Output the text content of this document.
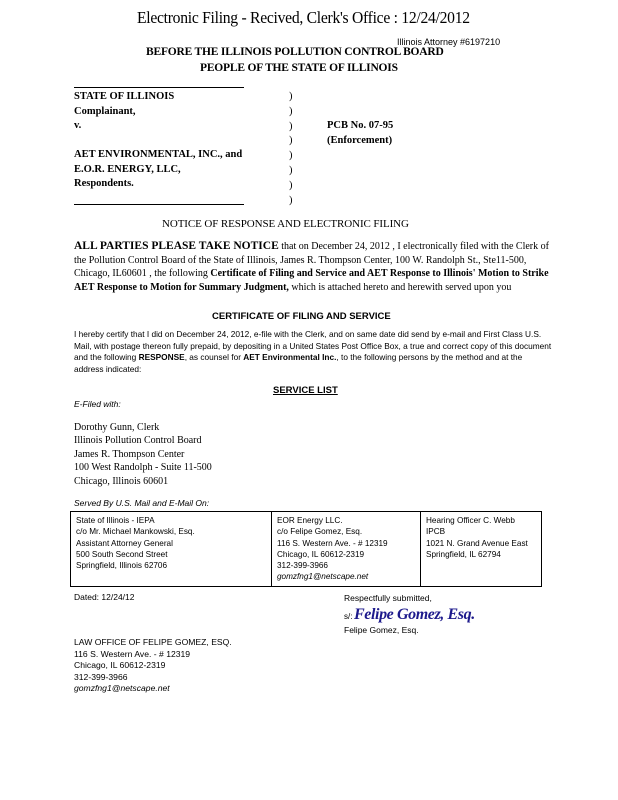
Electronic Filing - Recived, Clerk's Office : 12/24/2012
Illinois Attorney #6197210
BEFORE THE ILLINOIS POLLUTION CONTROL BOARD
PEOPLE OF THE STATE OF ILLINOIS
STATE OF ILLINOIS
Complainant,
v.
AET ENVIRONMENTAL, INC., and
E.O.R. ENERGY, LLC,
Respondents.
)
)
)
)
)
)
)
)
PCB No. 07-95
(Enforcement)
NOTICE OF RESPONSE AND ELECTRONIC FILING
ALL PARTIES PLEASE TAKE NOTICE that on December 24, 2012 , I electronically filed with the Clerk of the Pollution Control Board of the State of Illinois, James R. Thompson Center, 100 W. Randolph St., Ste11-500, Chicago, IL60601 , the following Certificate of Filing and Service and AET Response to Illinois' Motion to Strike AET Response to Motion for Summary Judgment, which is attached hereto and herewith served upon you
CERTIFICATE OF FILING AND SERVICE
I hereby certify that I did on December 24, 2012, e-file with the Clerk, and on same date did send by e-mail and First Class U.S. Mail, with postage thereon fully prepaid, by depositing in a United States Post Office Box, a true and correct copy of this document and the following RESPONSE, as counsel for AET Environmental Inc., to the following persons by the method and at the address indicated:
SERVICE LIST
E-Filed with:
Dorothy Gunn, Clerk
Illinois Pollution Control Board
James R. Thompson Center
100 West Randolph - Suite 11-500
Chicago, Illinois 60601
Served By U.S. Mail and E-Mail On:
State of Illinois - IEPA
c/o Mr. Michael Mankowski, Esq.
Assistant Attorney General
500 South Second Street
Springfield, Illinois 62706

EOR Energy LLC.
c/o Felipe Gomez, Esq.
116 S. Western Ave. - # 12319
Chicago, IL 60612-2319
312-399-3966
gomzfng1@netscape.net

Hearing Officer C. Webb
IPCB
1021 N. Grand Avenue East
Springfield, IL 62794
Dated: 12/24/12	Respectfully submitted,
s/: Felipe Gomez, Esq.
Felipe Gomez, Esq.
LAW OFFICE OF FELIPE GOMEZ, ESQ.
116 S. Western Ave. - # 12319
Chicago, IL 60612-2319
312-399-3966
gomzfng1@netscape.net
